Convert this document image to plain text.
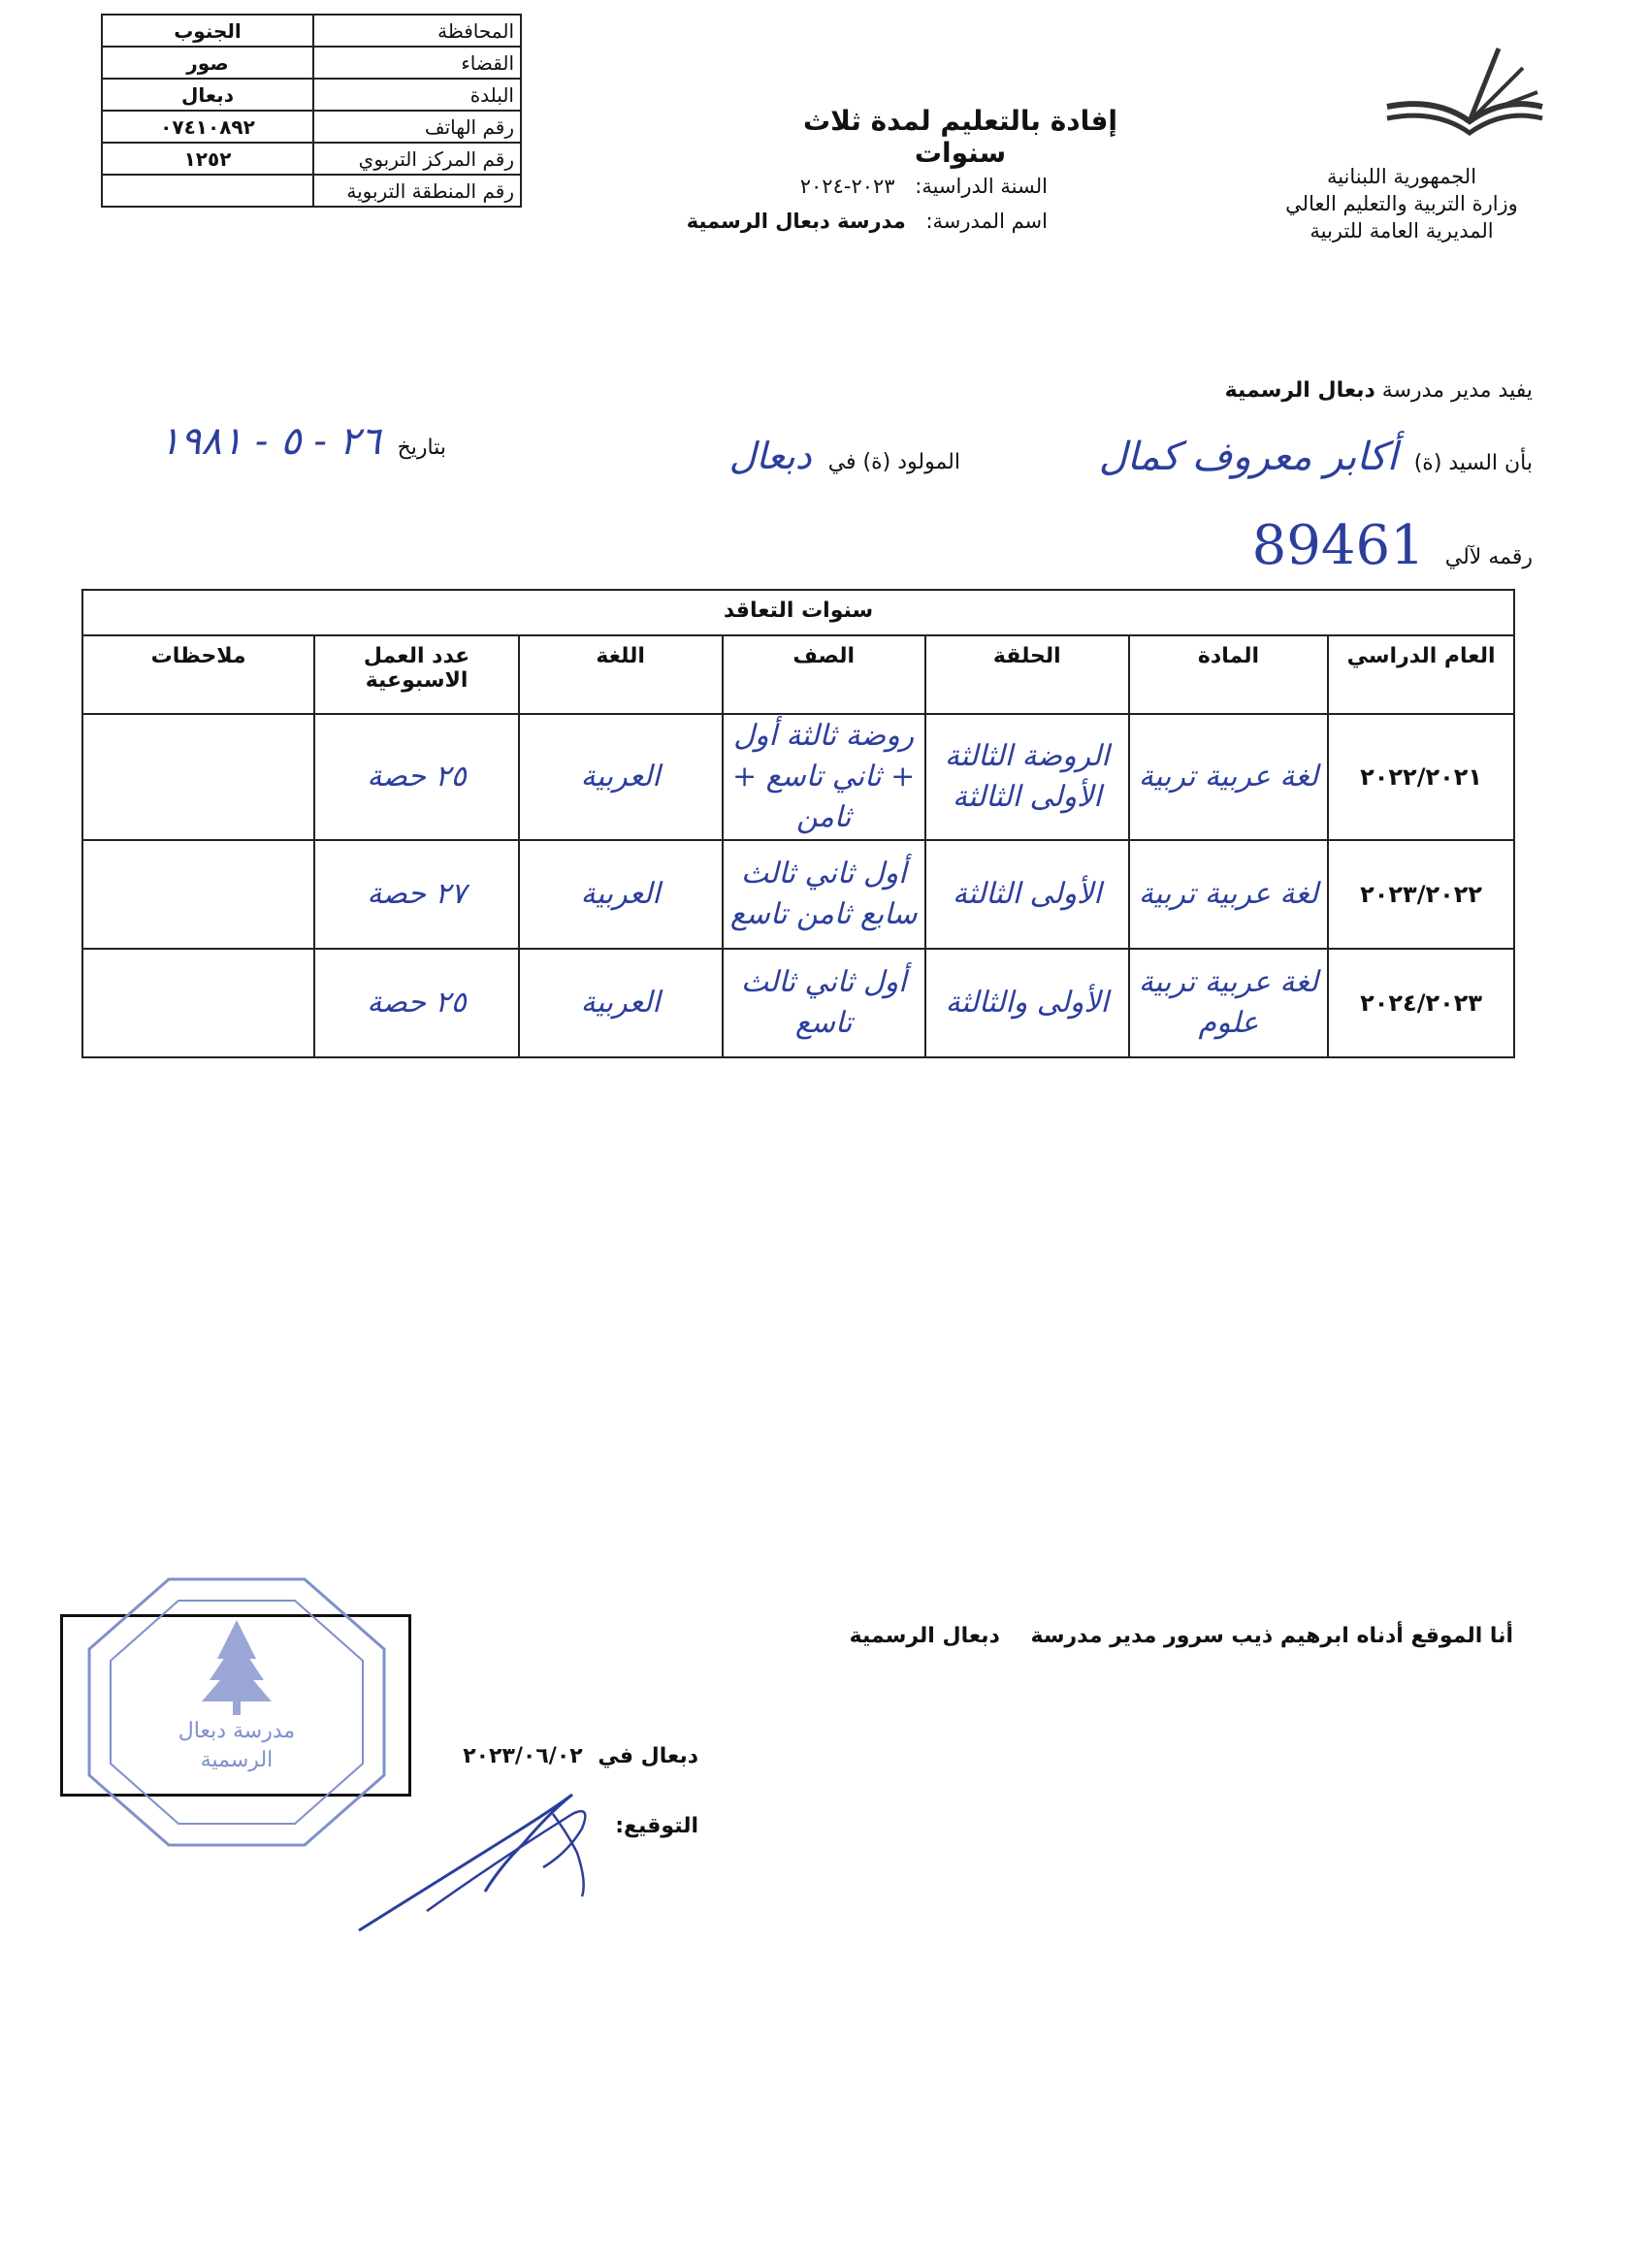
المحافظة	الجنوب
القضاء	صور
البلدة	دبعال
رقم الهاتف	٠٧٤١٠٨٩٢
رقم المركز التربوي	١٢٥٢
رقم المنطقة التربوية	
إفادة بالتعليم لمدة ثلاث سنوات
السنة الدراسية: ٢٠٢٣-٢٠٢٤
اسم المدرسة: مدرسة دبعال الرسمية
الجمهورية اللبنانية
وزارة التربية والتعليم العالي
المديرية العامة للتربية
يفيد مدير مدرسة دبعال الرسمية
بأن السيد (ة) أكابر معروف كمال
المولود (ة) في دبعال
بتاريخ ٢٦ - ٥ - ١٩٨١
رقمه لآلي 89461
سنوات التعاقد						
العام الدراسي	المادة	الحلقة	الصف	اللغة	عدد العمل الاسبوعية	ملاحظات
٢٠٢٢/٢٠٢١	لغة عربية تربية	الروضة الثالثة الأولى الثالثة	روضة ثالثة أول + ثاني تاسع + ثامن	العربية	٢٥ حصة	
٢٠٢٣/٢٠٢٢	لغة عربية تربية	الأولى الثالثة	أول ثاني ثالث سابع ثامن تاسع	العربية	٢٧ حصة	
٢٠٢٤/٢٠٢٣	لغة عربية تربية علوم	الأولى والثالثة	أول ثاني ثالث تاسع	العربية	٢٥ حصة	
أنا الموقع أدناه ابرهيم ذيب سرور مدير مدرسة دبعال الرسمية
دبعال في ٢٠٢٣/٠٦/٠٢
التوقيع:
مدرسة دبعال
الرسمية
